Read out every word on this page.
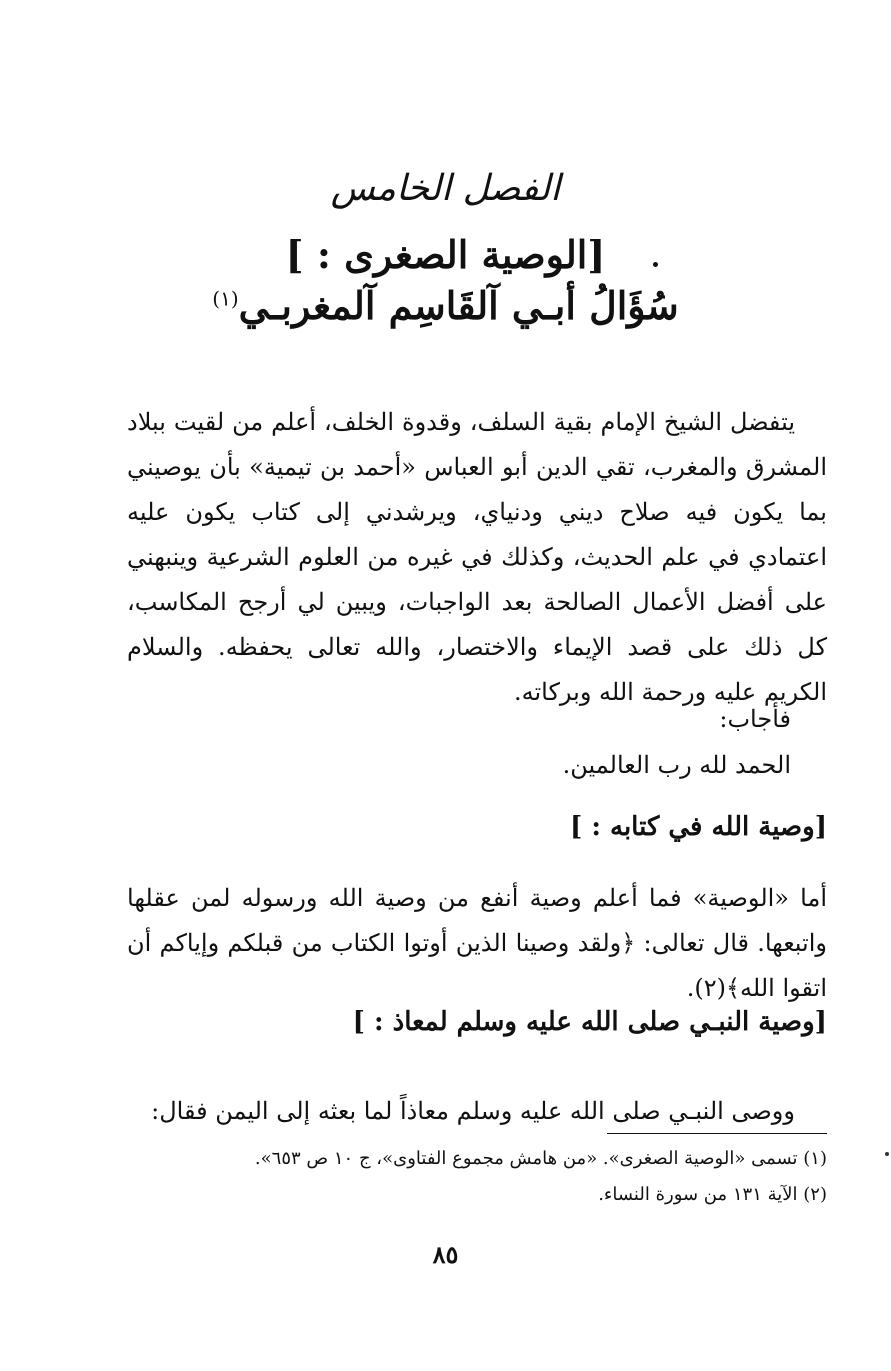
الفصل الخامس
[الوصية الصغرى : ]
سُؤَالُ أبـي آلقَاسِم آلمغربـي$^{(١)}$

يتفضل الشيخ الإمام بقية السلف، وقدوة الخلف، أعلم من لقيت ببلاد المشرق والمغرب، تقي الدين أبو العباس «أحمد بن تيمية» بأن يوصيني بما يكون فيه صلاح ديني ودنياي، ويرشدني إلى كتاب يكون عليه اعتمادي في علم الحديث، وكذلك في غيره من العلوم الشرعية وينبهني على أفضل الأعمال الصالحة بعد الواجبات، ويبين لي أرجح المكاسب، كل ذلك على قصد الإيماء والاختصار، والله تعالى يحفظه. والسلام الكريم عليه ورحمة الله وبركاته.

فأجاب:
الحمد لله رب العالمين.
[وصية الله في كتابه : ]

أما «الوصية» فما أعلم وصية أنفع من وصية الله ورسوله لمن عقلها واتبعها. قال تعالى: ﴿ولقد وصينا الذين أوتوا الكتاب من قبلكم وإياكم أن اتقوا الله﴾(٢).

[وصية النبـي صلى الله عليه وسلم لمعاذ : ]

ووصى النبـي صلى الله عليه وسلم معاذاً لما بعثه إلى اليمن فقال:

(١) تسمى «الوصية الصغرى». «من هامش مجموع الفتاوى»، ج ١٠ ص ٦٥٣».
(٢) الآية ١٣١ من سورة النساء.
٨٥
